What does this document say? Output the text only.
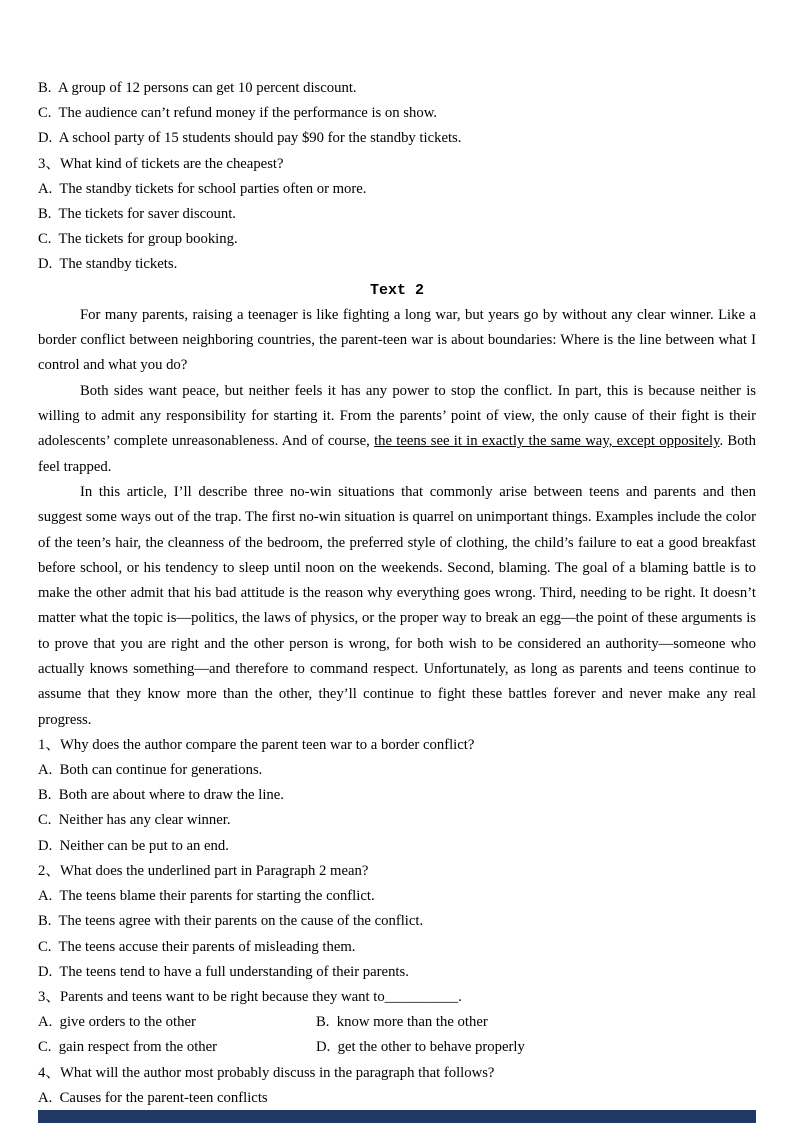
B.  A group of 12 persons can get 10 percent discount.
C.  The audience can’t refund money if the performance is on show.
D.  A school party of 15 students should pay $90 for the standby tickets.
3、What kind of tickets are the cheapest?
A.  The standby tickets for school parties often or more.
B.  The tickets for saver discount.
C.  The tickets for group booking.
D.  The standby tickets.
Text 2

For many parents, raising a teenager is like fighting a long war, but years go by without any clear winner. Like a border conflict between neighboring countries, the parent-teen war is about boundaries: Where is the line between what I control and what you do?

Both sides want peace, but neither feels it has any power to stop the conflict. In part, this is because neither is willing to admit any responsibility for starting it. From the parents’ point of view, the only cause of their fight is their adolescents’ complete unreasonableness. And of course, the teens see it in exactly the same way, except oppositely. Both feel trapped.

In this article, I’ll describe three no-win situations that commonly arise between teens and parents and then suggest some ways out of the trap. The first no-win situation is quarrel on unimportant things. Examples include the color of the teen’s hair, the cleanness of the bedroom, the preferred style of clothing, the child’s failure to eat a good breakfast before school, or his tendency to sleep until noon on the weekends. Second, blaming. The goal of a blaming battle is to make the other admit that his bad attitude is the reason why everything goes wrong. Third, needing to be right. It doesn’t matter what the topic is—politics, the laws of physics, or the proper way to break an egg—the point of these arguments is to prove that you are right and the other person is wrong, for both wish to be considered an authority—someone who actually knows something—and therefore to command respect. Unfortunately, as long as parents and teens continue to assume that they know more than the other, they’ll continue to fight these battles forever and never make any real progress.

1、Why does the author compare the parent teen war to a border conflict?
A.  Both can continue for generations.
B.  Both are about where to draw the line.
C.  Neither has any clear winner.
D.  Neither can be put to an end.
2、What does the underlined part in Paragraph 2 mean?
A.  The teens blame their parents for starting the conflict.
B.  The teens agree with their parents on the cause of the conflict.
C.  The teens accuse their parents of misleading them.
D.  The teens tend to have a full understanding of their parents.
3、Parents and teens want to be right because they want to__________.
A.  give orders to the other	B.  know more than the other
C.  gain respect from the other	D.  get the other to behave properly
4、What will the author most probably discuss in the paragraph that follows?
A.  Causes for the parent-teen conflicts
